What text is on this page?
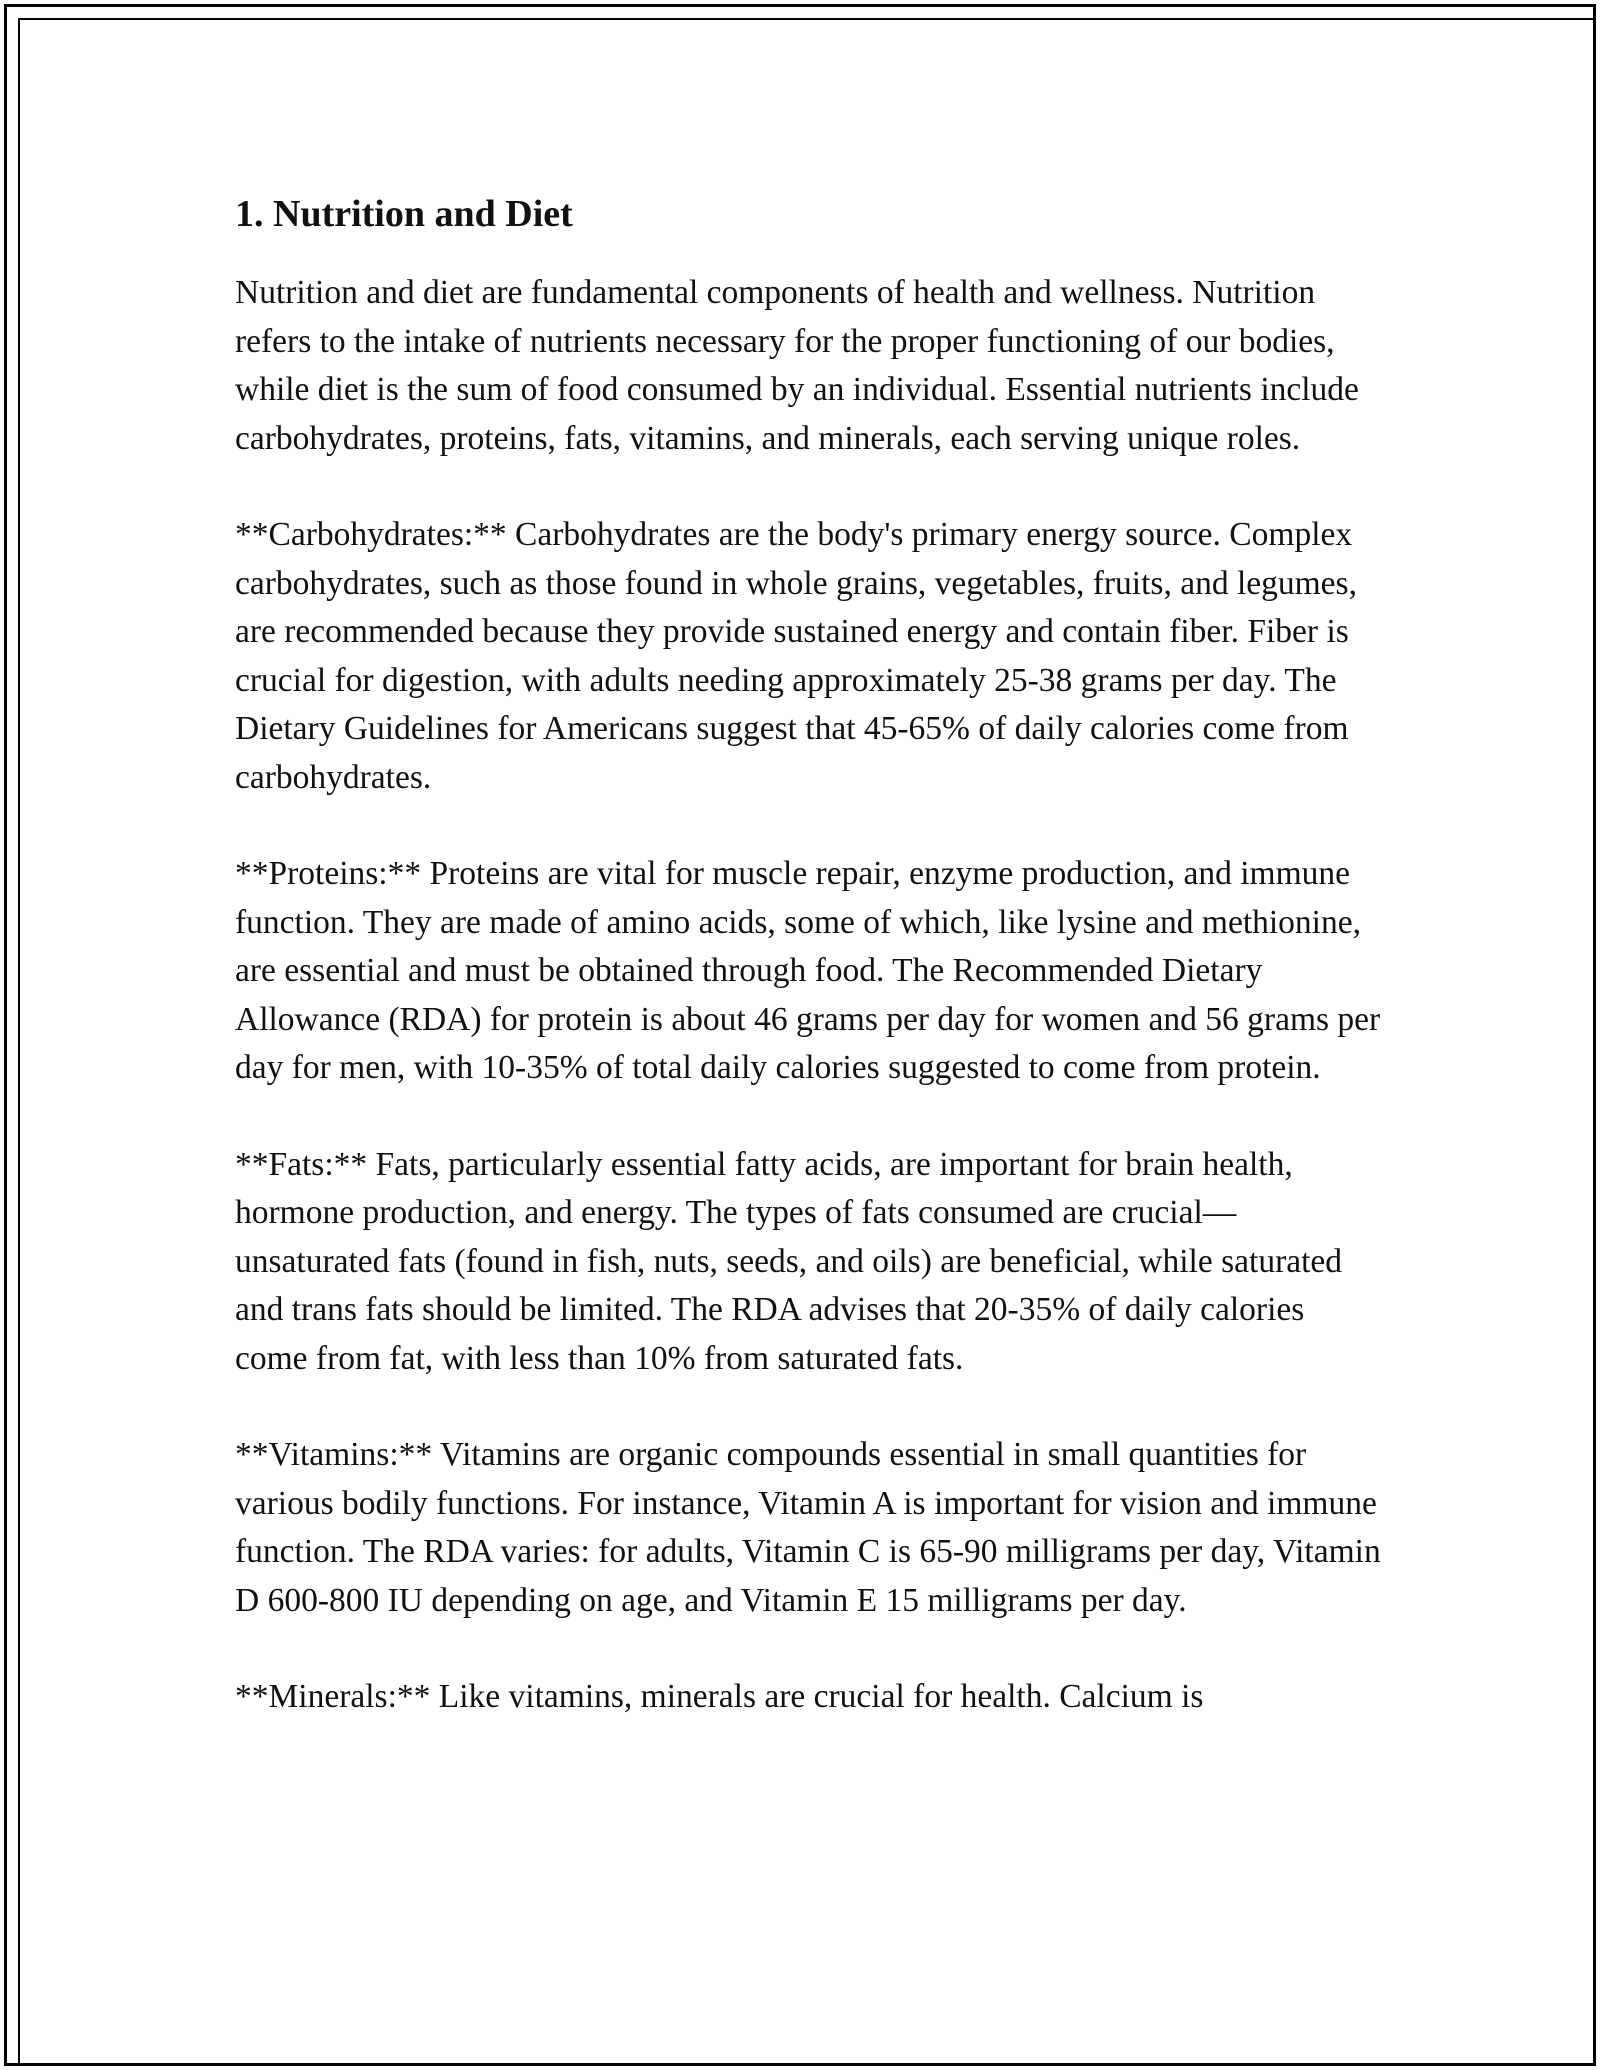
1. Nutrition and Diet

Nutrition and diet are fundamental components of health and wellness. Nutrition refers to the intake of nutrients necessary for the proper functioning of our bodies, while diet is the sum of food consumed by an individual. Essential nutrients include carbohydrates, proteins, fats, vitamins, and minerals, each serving unique roles.

**Carbohydrates:** Carbohydrates are the body's primary energy source. Complex carbohydrates, such as those found in whole grains, vegetables, fruits, and legumes, are recommended because they provide sustained energy and contain fiber. Fiber is crucial for digestion, with adults needing approximately 25-38 grams per day. The Dietary Guidelines for Americans suggest that 45-65% of daily calories come from carbohydrates.

**Proteins:** Proteins are vital for muscle repair, enzyme production, and immune function. They are made of amino acids, some of which, like lysine and methionine, are essential and must be obtained through food. The Recommended Dietary Allowance (RDA) for protein is about 46 grams per day for women and 56 grams per day for men, with 10-35% of total daily calories suggested to come from protein.

**Fats:** Fats, particularly essential fatty acids, are important for brain health, hormone production, and energy. The types of fats consumed are crucial—unsaturated fats (found in fish, nuts, seeds, and oils) are beneficial, while saturated and trans fats should be limited. The RDA advises that 20-35% of daily calories come from fat, with less than 10% from saturated fats.

**Vitamins:** Vitamins are organic compounds essential in small quantities for various bodily functions. For instance, Vitamin A is important for vision and immune function. The RDA varies: for adults, Vitamin C is 65-90 milligrams per day, Vitamin D 600-800 IU depending on age, and Vitamin E 15 milligrams per day.

**Minerals:** Like vitamins, minerals are crucial for health. Calcium is
